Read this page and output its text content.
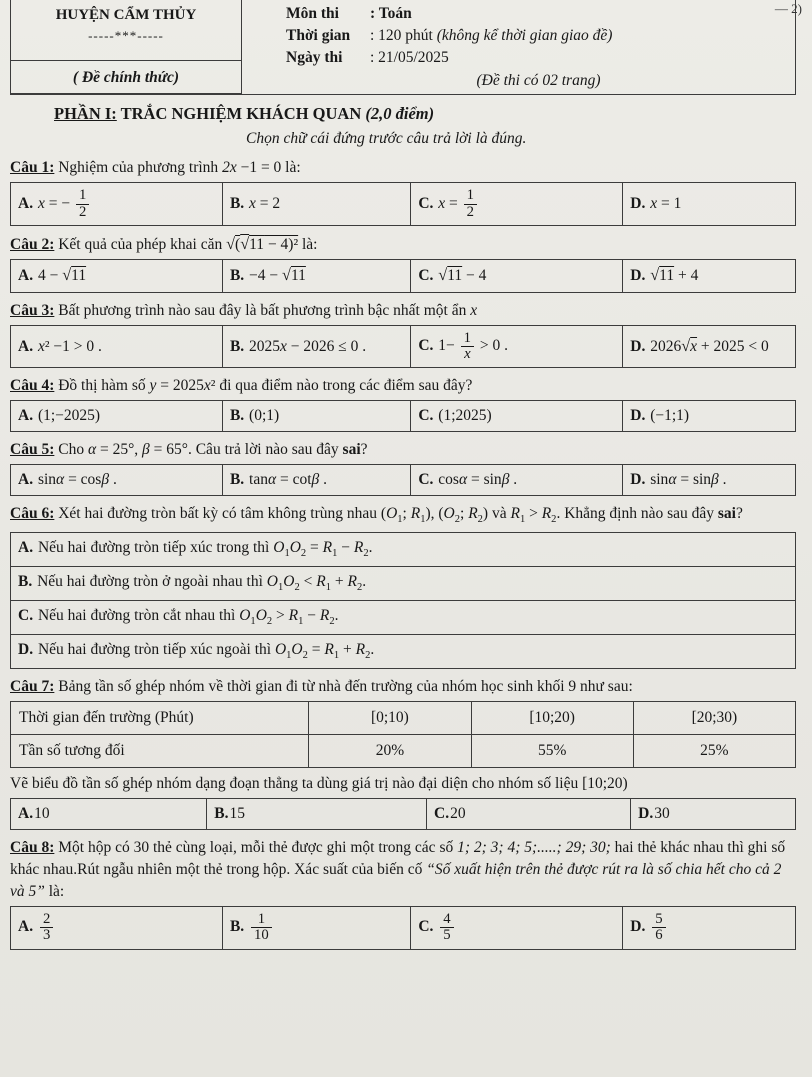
— 2)
HUYỆN CẨM THỦY
-----***-----
( Đề chính thức)
Môn thi : Toán
Thời gian : 120 phút (không kể thời gian giao đề)
Ngày thi : 21/05/2025
(Đề thi có 02 trang)
PHẦN I: TRẮC NGHIỆM KHÁCH QUAN (2,0 điểm)
Chọn chữ cái đứng trước câu trả lời là đúng.
Câu 1: Nghiệm của phương trình 2x −1 = 0 là:
A. x = − $\frac{1}{2}$	B. x = 2	C. $x = \frac{1}{2}$	D. x = 1
Câu 2: Kết quả của phép khai căn √(√11 − 4)² là:
A. 4 − √11	B. −4 − √11	C. √11 − 4	D. √11 + 4
Câu 3: Bất phương trình nào sau đây là bất phương trình bậc nhất một ẩn x
A. x² −1 > 0 .	B. 2025x − 2026 ≤ 0 .	C. $1- \frac{1}{x} > 0$ .	D. 2026√x + 2025 < 0
Câu 4: Đồ thị hàm số y = 2025x² đi qua điểm nào trong các điểm sau đây?
A. (1;−2025)	B. (0;1)	C. (1;2025)	D. (−1;1)
Câu 5: Cho α = 25°, β = 65°. Câu trả lời nào sau đây sai?
A. sinα = cosβ .	B. tanα = cotβ .	C. cosα = sinβ .	D. sinα = sinβ .
Câu 6: Xét hai đường tròn bất kỳ có tâm không trùng nhau ($O_1$; $R_1$), ($O_2$; $R_2$) và $R_1 > R_2$. Khẳng định nào sau đây sai?
A. Nếu hai đường tròn tiếp xúc trong thì $O_1O_2 = R_1 - R_2$.
B. Nếu hai đường tròn ở ngoài nhau thì $O_1O_2 < R_1 + R_2$.
C. Nếu hai đường tròn cắt nhau thì $O_1O_2 > R_1 - R_2$.
D. Nếu hai đường tròn tiếp xúc ngoài thì $O_1O_2 = R_1 + R_2$.
Câu 7: Bảng tần số ghép nhóm về thời gian đi từ nhà đến trường của nhóm học sinh khối 9 như sau:
Thời gian đến trường (Phút)	[0;10)	[10;20)	[20;30)
Tần số tương đối	20%	55%	25%
Vẽ biểu đồ tần số ghép nhóm dạng đoạn thẳng ta dùng giá trị nào đại diện cho nhóm số liệu [10;20)
A.10	B.15	C.20	D.30
Câu 8: Một hộp có 30 thẻ cùng loại, mỗi thẻ được ghi một trong các số 1; 2; 3; 4; 5;.....; 29; 30; hai thẻ khác nhau thì ghi số khác nhau.Rút ngẫu nhiên một thẻ trong hộp. Xác suất của biến cố “Số xuất hiện trên thẻ được rút ra là số chia hết cho cả 2 và 5” là:
A. $\frac{2}{3}$	B. $\frac{1}{10}$	C. $\frac{4}{5}$	D. $\frac{5}{6}$
